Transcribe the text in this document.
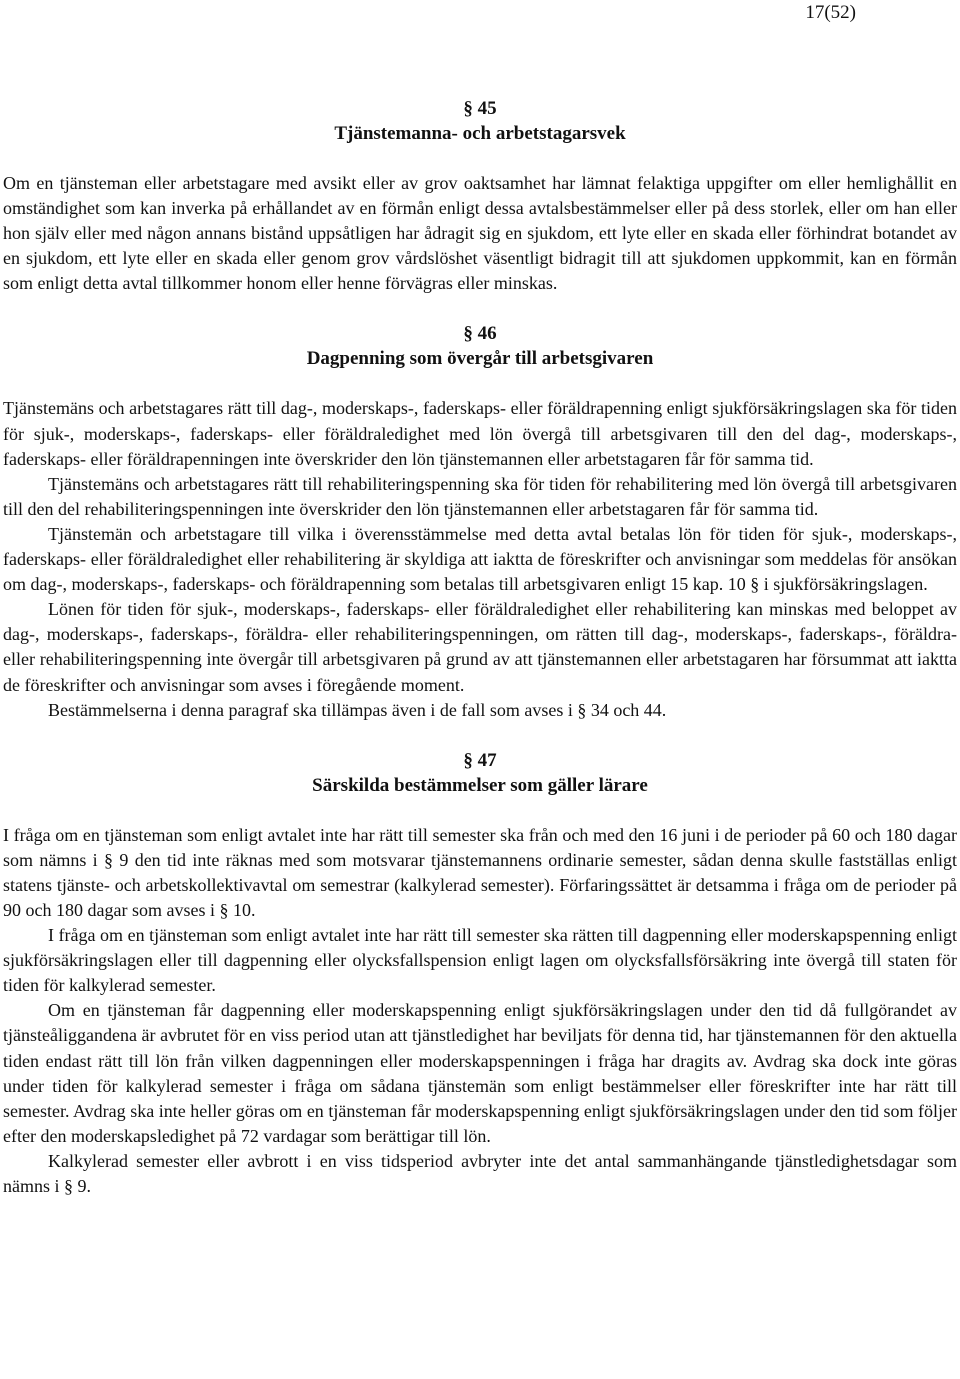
17(52)
§ 45
Tjänstemanna- och arbetstagarsvek

Om en tjänsteman eller arbetstagare med avsikt eller av grov oaktsamhet har lämnat felaktiga uppgifter om eller hemlighållit en omständighet som kan inverka på erhållandet av en förmån enligt dessa avtalsbestämmelser eller på dess storlek, eller om han eller hon själv eller med någon annans bistånd uppsåtligen har ådragit sig en sjukdom, ett lyte eller en skada eller förhindrat botandet av en sjukdom, ett lyte eller en skada eller genom grov vårdslöshet väsentligt bidragit till att sjukdomen uppkommit, kan en förmån som enligt detta avtal tillkommer honom eller henne förvägras eller minskas.

§ 46
Dagpenning som övergår till arbetsgivaren

Tjänstemäns och arbetstagares rätt till dag-, moderskaps-, faderskaps- eller föräldrapenning enligt sjukförsäkringslagen ska för tiden för sjuk-, moderskaps-, faderskaps- eller föräldraledighet med lön övergå till arbetsgivaren till den del dag-, moderskaps-, faderskaps- eller föräldrapenningen inte överskrider den lön tjänstemannen eller arbetstagaren får för samma tid.

Tjänstemäns och arbetstagares rätt till rehabiliteringspenning ska för tiden för rehabilitering med lön övergå till arbetsgivaren till den del rehabiliteringspenningen inte överskrider den lön tjänstemannen eller arbetstagaren får för samma tid.

Tjänstemän och arbetstagare till vilka i överensstämmelse med detta avtal betalas lön för tiden för sjuk-, moderskaps-, faderskaps- eller föräldraledighet eller rehabilitering är skyldiga att iaktta de föreskrifter och anvisningar som meddelas för ansökan om dag-, moderskaps-, faderskaps- och föräldrapenning som betalas till arbetsgivaren enligt 15 kap. 10 § i sjukförsäkringslagen.

Lönen för tiden för sjuk-, moderskaps-, faderskaps- eller föräldraledighet eller rehabilitering kan minskas med beloppet av dag-, moderskaps-, faderskaps-, föräldra- eller rehabiliteringspenningen, om rätten till dag-, moderskaps-, faderskaps-, föräldra- eller rehabiliteringspenning inte övergår till arbetsgivaren på grund av att tjänstemannen eller arbetstagaren har försummat att iaktta de föreskrifter och anvisningar som avses i föregående moment.

Bestämmelserna i denna paragraf ska tillämpas även i de fall som avses i § 34 och 44.

§ 47
Särskilda bestämmelser som gäller lärare

I fråga om en tjänsteman som enligt avtalet inte har rätt till semester ska från och med den 16 juni i de perioder på 60 och 180 dagar som nämns i § 9 den tid inte räknas med som motsvarar tjänstemannens ordinarie semester, sådan denna skulle fastställas enligt statens tjänste- och arbetskollektivavtal om semestrar (kalkylerad semester). Förfaringssättet är detsamma i fråga om de perioder på 90 och 180 dagar som avses i § 10.

I fråga om en tjänsteman som enligt avtalet inte har rätt till semester ska rätten till dagpenning eller moderskapspenning enligt sjukförsäkringslagen eller till dagpenning eller olycksfallspension enligt lagen om olycksfallsförsäkring inte övergå till staten för tiden för kalkylerad semester.

Om en tjänsteman får dagpenning eller moderskapspenning enligt sjukförsäkringslagen under den tid då fullgörandet av tjänsteåliggandena är avbrutet för en viss period utan att tjänstledighet har beviljats för denna tid, har tjänstemannen för den aktuella tiden endast rätt till lön från vilken dagpenningen eller moderskapspenningen i fråga har dragits av. Avdrag ska dock inte göras under tiden för kalkylerad semester i fråga om sådana tjänstemän som enligt bestämmelser eller föreskrifter inte har rätt till semester. Avdrag ska inte heller göras om en tjänsteman får moderskapspenning enligt sjukförsäkringslagen under den tid som följer efter den moderskapsledighet på 72 vardagar som berättigar till lön.

Kalkylerad semester eller avbrott i en viss tidsperiod avbryter inte det antal sammanhängande tjänstledighetsdagar som nämns i § 9.
